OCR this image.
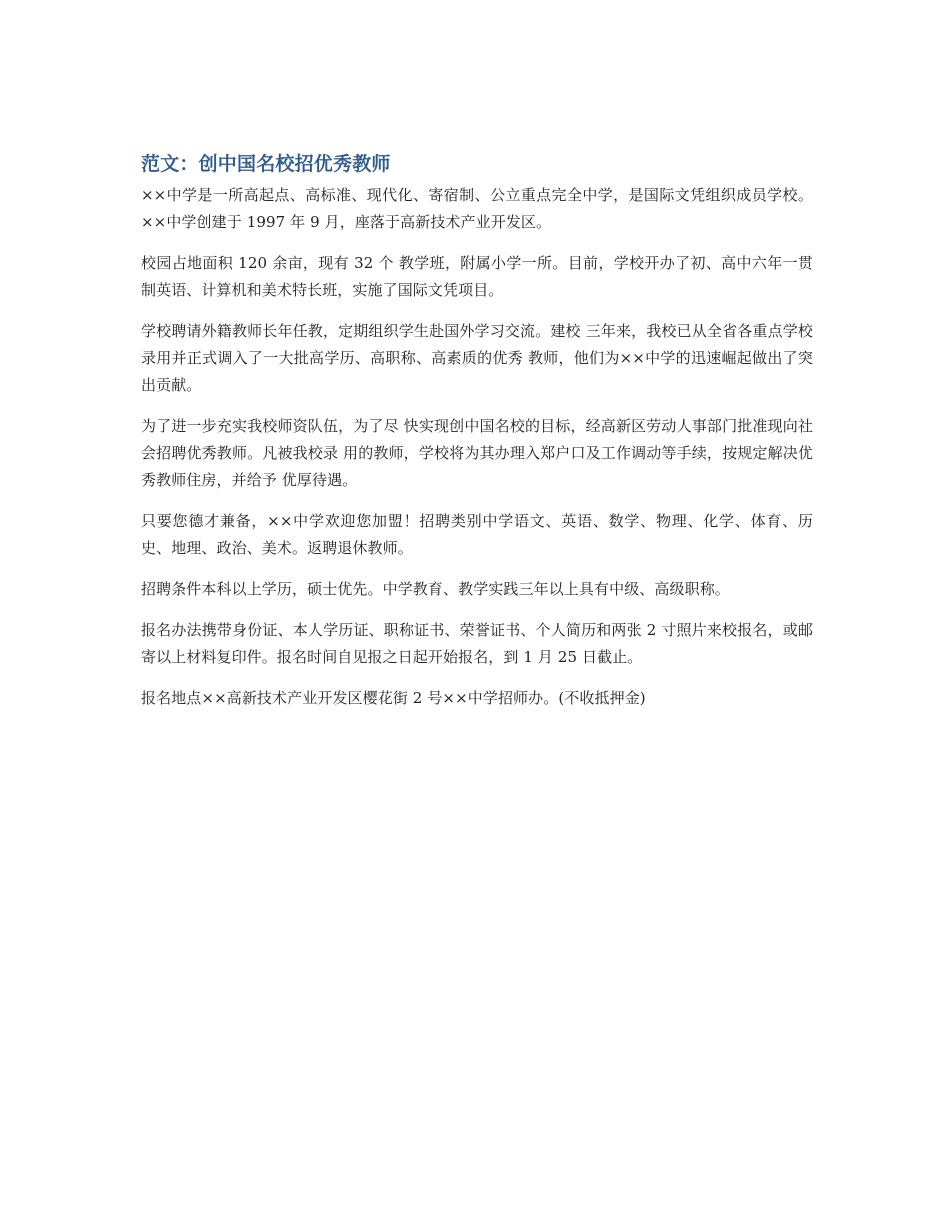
范文：创中国名校招优秀教师

××中学是一所高起点、高标准、现代化、寄宿制、公立重点完全中学，是国际文凭组织成员学校。××中学创建于 1997 年 9 月，座落于高新技术产业开发区。

校园占地面积 120 余亩，现有 32 个 教学班，附属小学一所。目前，学校开办了初、高中六年一贯制英语、计算机和美术特长班，实施了国际文凭项目。

学校聘请外籍教师长年任教，定期组织学生赴国外学习交流。建校 三年来，我校已从全省各重点学校录用并正式调入了一大批高学历、高职称、高素质的优秀 教师，他们为××中学的迅速崛起做出了突出贡献。

为了进一步充实我校师资队伍，为了尽 快实现创中国名校的目标，经高新区劳动人事部门批准现向社会招聘优秀教师。凡被我校录 用的教师，学校将为其办理入郑户口及工作调动等手续，按规定解决优秀教师住房，并给予 优厚待遇。

只要您德才兼备，××中学欢迎您加盟！招聘类别中学语文、英语、数学、物理、化学、体育、历史、地理、政治、美术。返聘退休教师。

招聘条件本科以上学历，硕士优先。中学教育、教学实践三年以上具有中级、高级职称。

报名办法携带身份证、本人学历证、职称证书、荣誉证书、个人简历和两张 2 寸照片来校报名，或邮 寄以上材料复印件。报名时间自见报之日起开始报名，到 1 月 25 日截止。

报名地点××高新技术产业开发区樱花街 2 号××中学招师办。(不收抵押金)
